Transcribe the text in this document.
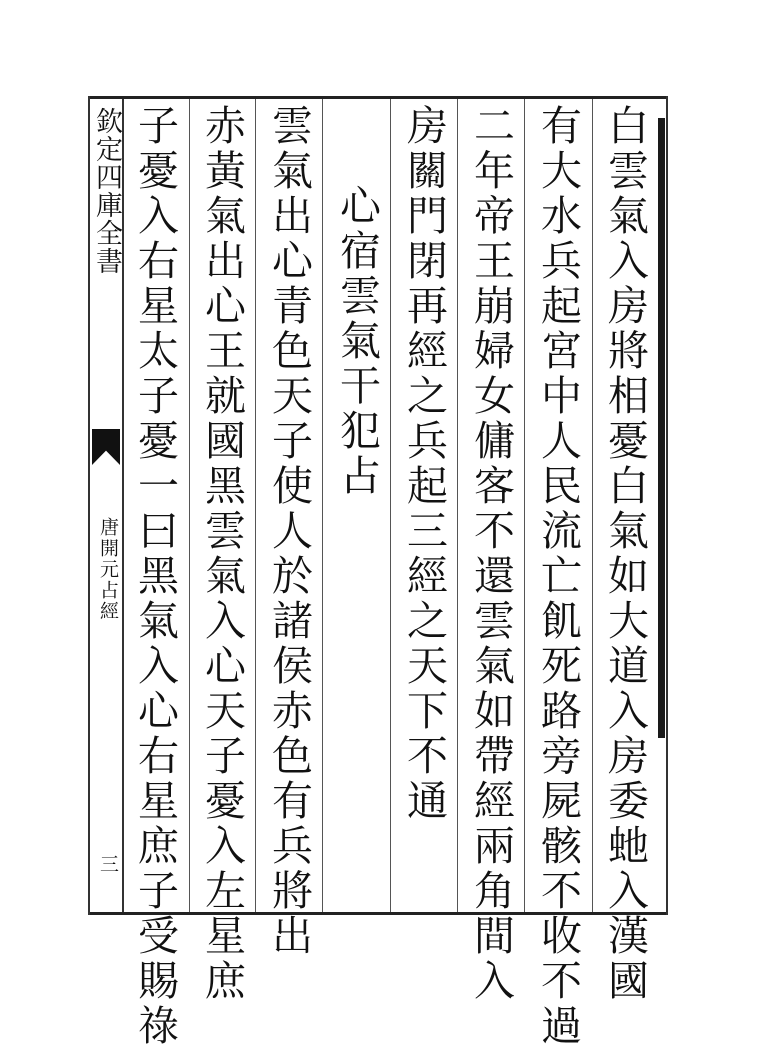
欽定四庫全書
唐開元占經
三
白雲氣入房將相憂白氣如大道入房委虵入漢國
有大水兵起宮中人民流亡飢死路旁屍骸不收不過
二年帝王崩婦女傭客不還雲氣如帶經兩角間入
房關門閉再經之兵起三經之天下不通
心宿雲氣干犯占
雲氣出心青色天子使人於諸侯赤色有兵將出
赤黃氣出心王就國黑雲氣入心天子憂入左星庶
子憂入右星太子憂一曰黑氣入心右星庶子受賜祿
